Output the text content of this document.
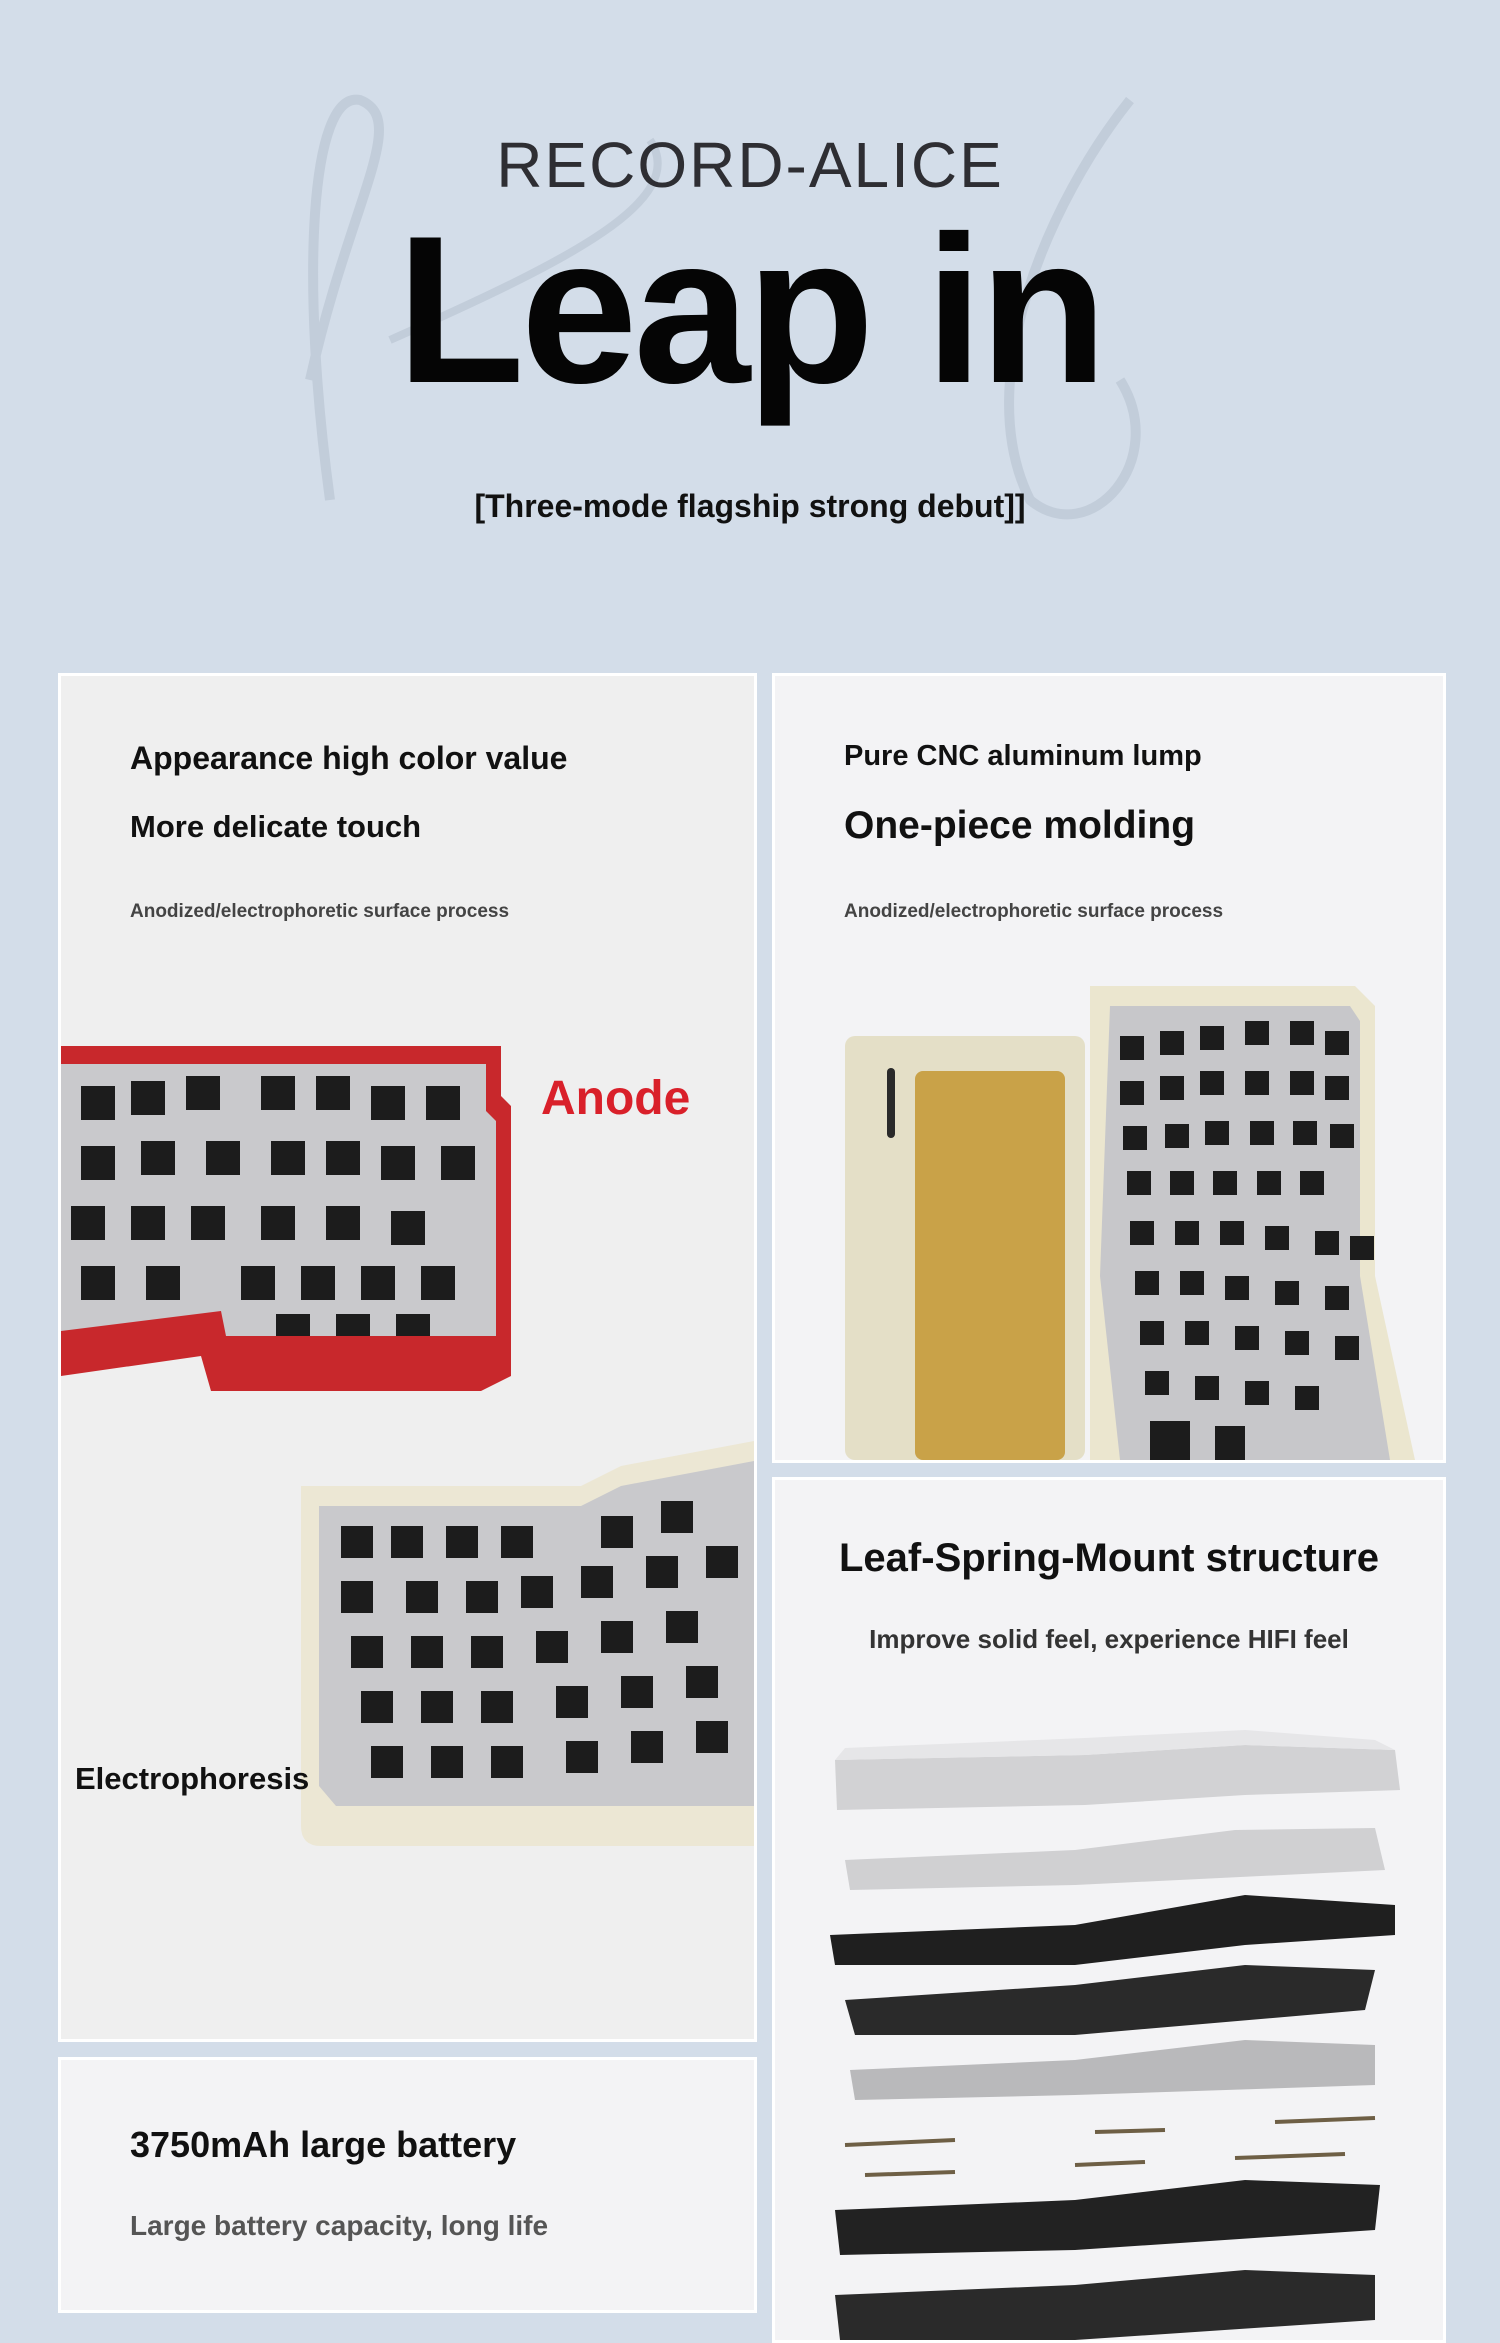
RECORD-ALICE
Leap in
[Three-mode flagship strong debut]]
Appearance high color value
More delicate touch
Anodized/electrophoretic surface process
Anode
Electrophoresis
Pure CNC aluminum lump
One-piece molding
Anodized/electrophoretic surface process
Leaf-Spring-Mount structure
Improve solid feel, experience HIFI feel
3750mAh large battery
Large battery capacity, long life
